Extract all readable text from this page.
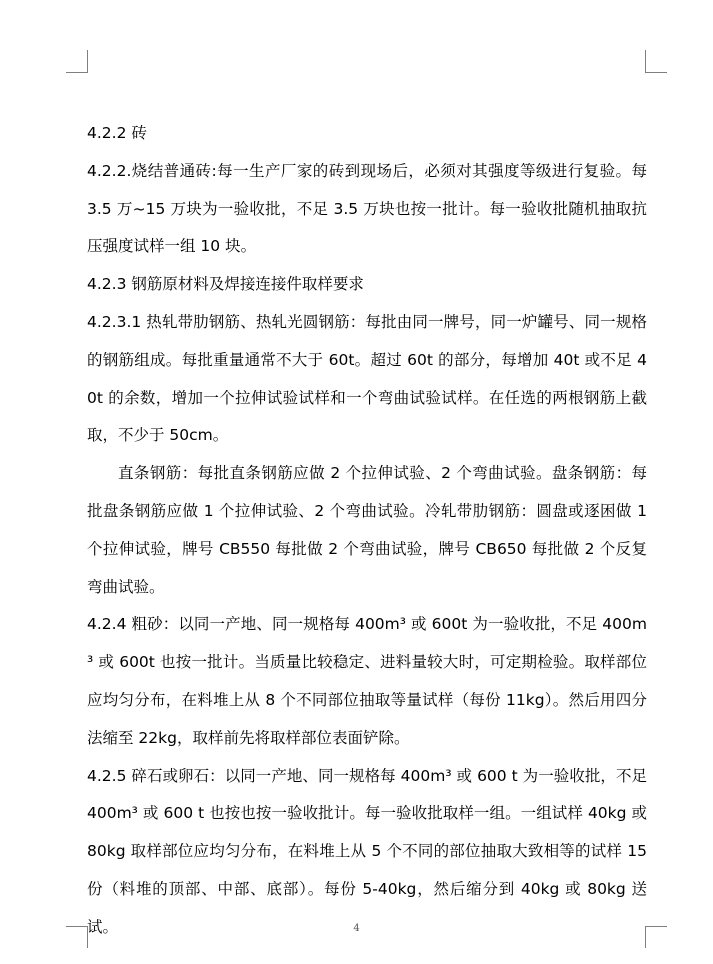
4.2.2 砖

4.2.2.烧结普通砖:每一生产厂家的砖到现场后，必须对其强度等级进行复验。每 3.5 万~15 万块为一验收批，不足 3.5 万块也按一批计。每一验收批随机抽取抗压强度试样一组 10 块。

4.2.3 钢筋原材料及焊接连接件取样要求

4.2.3.1 热轧带肋钢筋、热轧光圆钢筋：每批由同一牌号，同一炉罐号、同一规格的钢筋组成。每批重量通常不大于 60t。超过 60t 的部分，每增加 40t 或不足 40t 的余数，增加一个拉伸试验试样和一个弯曲试验试样。在任选的两根钢筋上截取，不少于 50cm。

直条钢筋：每批直条钢筋应做 2 个拉伸试验、2 个弯曲试验。盘条钢筋：每批盘条钢筋应做 1 个拉伸试验、2 个弯曲试验。冷轧带肋钢筋：圆盘或逐困做 1 个拉伸试验，牌号 CB550 每批做 2 个弯曲试验，牌号 CB650 每批做 2 个反复弯曲试验。

4.2.4 粗砂：以同一产地、同一规格每 400m³ 或 600t 为一验收批，不足 400m³ 或 600t 也按一批计。当质量比较稳定、进料量较大时，可定期检验。取样部位应均匀分布，在料堆上从 8 个不同部位抽取等量试样（每份 11kg）。然后用四分法缩至 22kg，取样前先将取样部位表面铲除。

4.2.5 碎石或卵石：以同一产地、同一规格每 400m³ 或 600 t 为一验收批，不足 400m³ 或 600 t 也按也按一验收批计。每一验收批取样一组。一组试样 40kg 或 80kg 取样部位应均匀分布，在料堆上从 5 个不同的部位抽取大致相等的试样 15 份（料堆的顶部、中部、底部）。每份 5-40kg，然后缩分到 40kg 或 80kg 送试。	4
